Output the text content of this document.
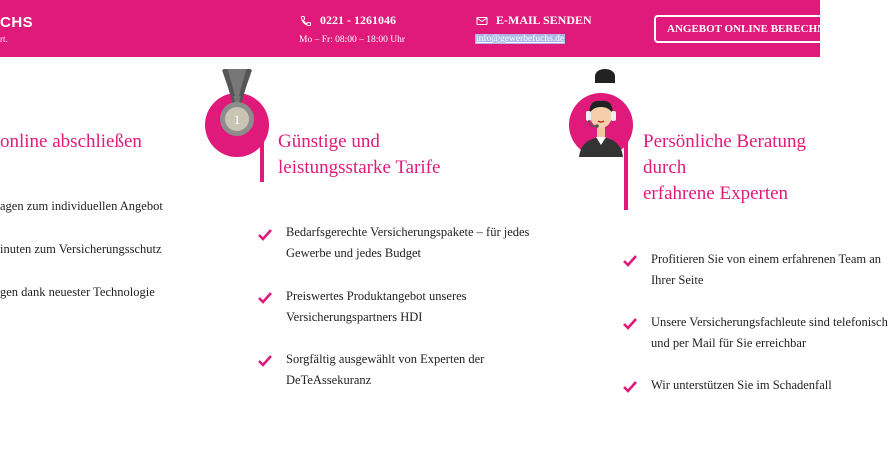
CHS
rt.
0221 - 1261046
Mo – Fr: 08:00 – 18:00 Uhr
E-MAIL SENDEN
info@gewerbefuchs.de
ANGEBOT ONLINE BERECHNEN
online abschließen
agen zum individuellen Angebot
inuten zum Versicherungsschutz
gen dank neuester Technologie
1
Günstige und
leistungsstarke Tarife
Bedarfsgerechte Versicherungspakete – für jedes
Gewerbe und jedes Budget
Preiswertes Produktangebot unseres
Versicherungspartners HDI
Sorgfältig ausgewählt von Experten der
DeTeAssekuranz
Persönliche Beratung
durch
erfahrene Experten
Profitieren Sie von einem erfahrenen Team an
Ihrer Seite
Unsere Versicherungsfachleute sind telefonisch
und per Mail für Sie erreichbar
Wir unterstützen Sie im Schadenfall
